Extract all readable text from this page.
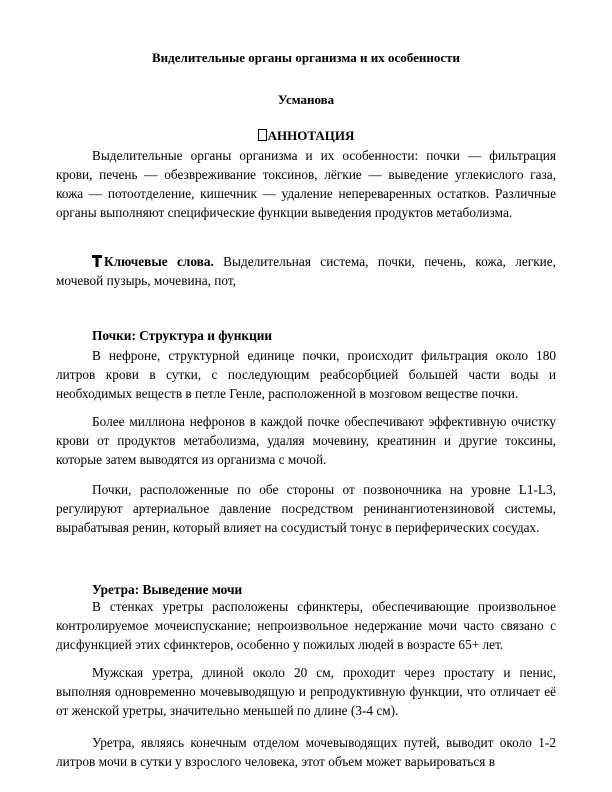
Виделительные органы организма и их особенности
Усманова
АННОТАЦИЯ

Выделительные органы организма и их особенности: почки — фильтрация крови, печень — обезвреживание токсинов, лёгкие — выведение углекислого газа, кожа — потоотделение, кишечник — удаление непереваренных остатков. Различные органы выполняют специфические функции выведения продуктов метаболизма.

Ключевые слова. Выделительная система, почки, печень, кожа, легкие, мочевой пузырь, мочевина, пот,

Почки: Структура и функции

В нефроне, структурной единице почки, происходит фильтрация около 180 литров крови в сутки, с последующим реабсорбцией большей части воды и необходимых веществ в петле Генле, расположенной в мозговом веществе почки.

Более миллиона нефронов в каждой почке обеспечивают эффективную очистку крови от продуктов метаболизма, удаляя мочевину, креатинин и другие токсины, которые затем выводятся из организма с мочой.

Почки, расположенные по обе стороны от позвоночника на уровне L1-L3, регулируют артериальное давление посредством ренинангиотензиновой системы, вырабатывая ренин, который влияет на сосудистый тонус в периферических сосудах.

Уретра: Выведение мочи

В стенках уретры расположены сфинктеры, обеспечивающие произвольное контролируемое мочеиспускание; непроизвольное недержание мочи часто связано с дисфункцией этих сфинктеров, особенно у пожилых людей в возрасте 65+ лет.

Мужская уретра, длиной около 20 см, проходит через простату и пенис, выполняя одновременно мочевыводящую и репродуктивную функции, что отличает её от женской уретры, значительно меньшей по длине (3-4 см).

Уретра, являясь конечным отделом мочевыводящих путей, выводит около 1-2 литров мочи в сутки у взрослого человека, этот объем может варьироваться в
